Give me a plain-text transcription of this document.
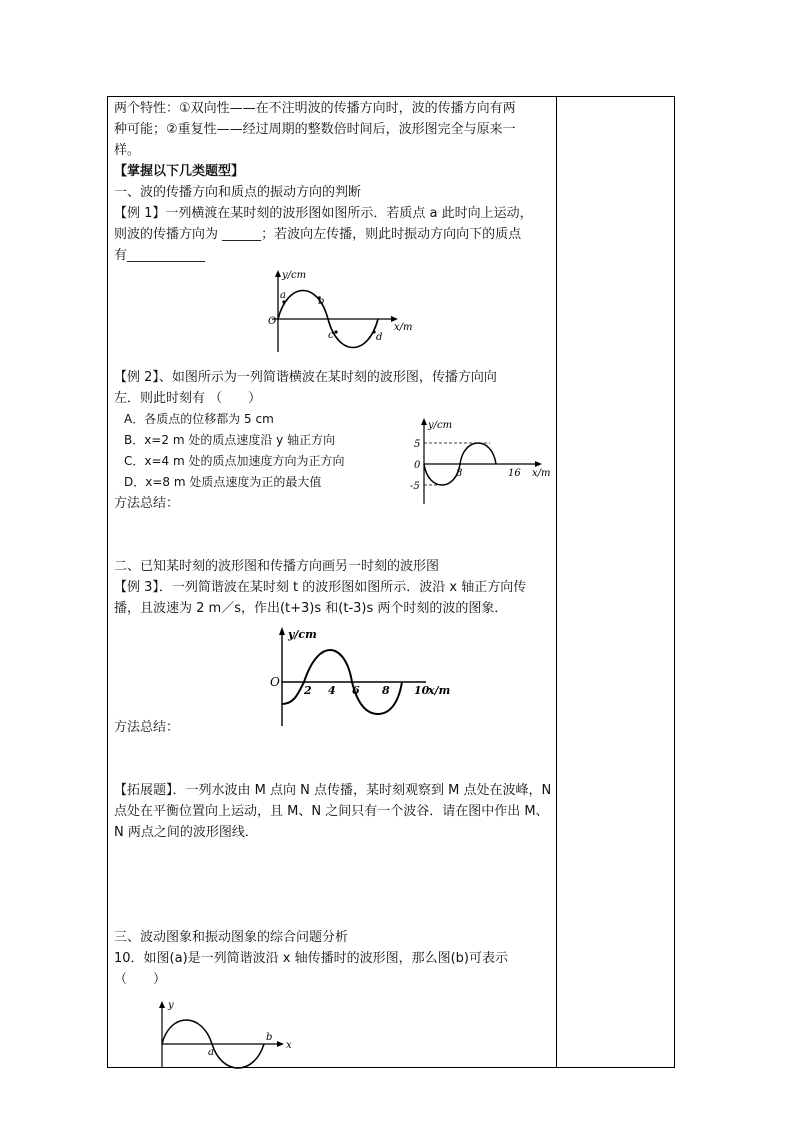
两个特性：①双向性——在不注明波的传播方向时，波的传播方向有两

种可能；②重复性——经过周期的整数倍时间后，波形图完全与原来一

样。

【掌握以下几类题型】

一、波的传播方向和质点的振动方向的判断

【例 1】一列横渡在某时刻的波形图如图所示．若质点 a 此时向上运动，

则波的传播方向为 ______；若波向左传播，则此时振动方向向下的质点

有____________

【例 2】、如图所示为一列简谐横波在某时刻的波形图，传播方向向

左．则此时刻有 （　　）

A．各质点的位移都为 5 cm

B．x=2 m 处的质点速度沿 y 轴正方向

C．x=4 m 处的质点加速度方向为正方向

D．x=8 m 处质点速度为正的最大值

方法总结：

二、已知某时刻的波形图和传播方向画另一时刻的波形图

【例 3】．一列简谐波在某时刻 t 的波形图如图所示．波沿 x 轴正方向传

播，且波速为 2 m／s，作出(t+3)s 和(t-3)s 两个时刻的波的图象．

方法总结：

【拓展题】．一列水波由 M 点向 N 点传播，某时刻观察到 M 点处在波峰，N

点处在平衡位置向上运动，且 M、N 之间只有一个波谷．请在图中作出 M、

N 两点之间的波形图线．

三、波动图象和振动图象的综合问题分析

10．如图(a)是一列简谐波沿 x 轴传播时的波形图，那么图(b)可表示

（　　）

y/cm
x/m
O
a
b
c	d
y/cm
5
0
-5
8	16 x/m
y/cm
O
2 4 6 8 10
x/m
y
x
a
b
